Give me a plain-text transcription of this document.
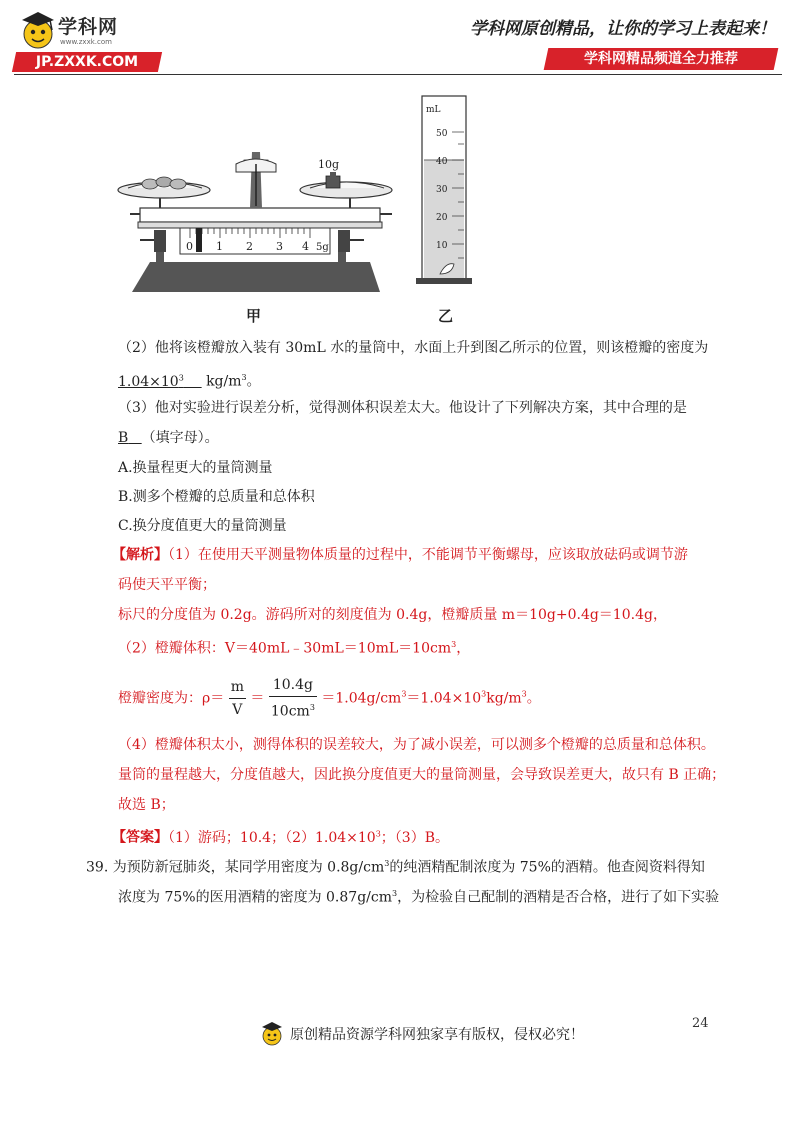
学科网
www.zxxk.com
JP.ZXXK.COM
学科网原创精品，让你的学习上表起来！
学科网精品频道全力推荐
0 1 2 3 4 5g
10g
mL
50
40
30
20
10
甲	乙
（2）他将该橙瓣放入装有 30mL 水的量筒中，水面上升到图乙所示的位置，则该橙瓣的密度为
$1.04\times 10^3$ $kg/m^3$。
（3）他对实验进行误差分析，觉得测体积误差太大。他设计了下列解决方案，其中合理的是
B （填字母）。
A.换量程更大的量筒测量
B.测多个橙瓣的总质量和总体积
C.换分度值更大的量筒测量
【解析】（1）在使用天平测量物体质量的过程中，不能调节平衡螺母，应该取放砝码或调节游
码使天平平衡；
标尺的分度值为 0.2g。游码所对的刻度值为 0.4g，橙瓣质量 m＝10g+0.4g＝10.4g，
（2）橙瓣体积：$V=40mL﹣30mL=10mL=10cm^3$，
橙瓣密度为：$\rho= \frac{m}{V} = \frac{10.4g}{10cm^3} =1.04g/cm^3=1.04\times 10^3kg/m^3$。
（4）橙瓣体积太小，测得体积的误差较大，为了减小误差，可以测多个橙瓣的总质量和总体积。
量筒的量程越大，分度值越大，因此换分度值更大的量筒测量，会导致误差更大，故只有 B 正确；
故选 B；
【答案】（1）游码；10.4；$(2)1.04\times 10^3$；（3）B。
39. 为预防新冠肺炎，某同学用密度为 $0.8g/cm^3$的纯酒精配制浓度为 75%的酒精。他查阅资料得知
浓度为 75%的医用酒精的密度为 $0.87g/cm^3$，为检验自己配制的酒精是否合格，进行了如下实验
24
原创精品资源学科网独家享有版权，侵权必究！
